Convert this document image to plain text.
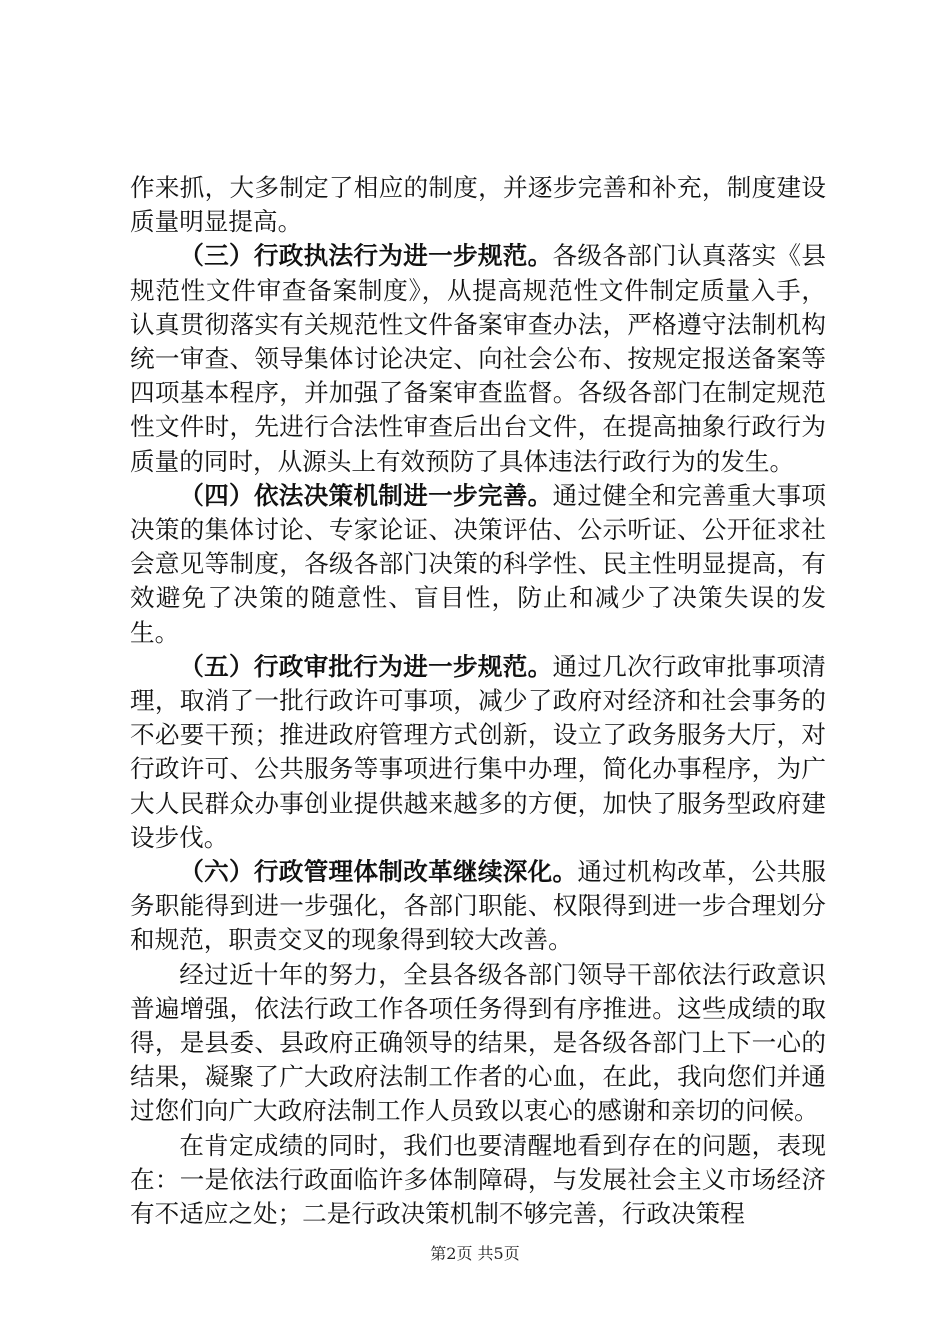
作来抓，大多制定了相应的制度，并逐步完善和补充，制度建设质量明显提高。

（三）行政执法行为进一步规范。各级各部门认真落实《县规范性文件审查备案制度》，从提高规范性文件制定质量入手，认真贯彻落实有关规范性文件备案审查办法，严格遵守法制机构统一审查、领导集体讨论决定、向社会公布、按规定报送备案等四项基本程序，并加强了备案审查监督。各级各部门在制定规范性文件时，先进行合法性审查后出台文件，在提高抽象行政行为质量的同时，从源头上有效预防了具体违法行政行为的发生。

（四）依法决策机制进一步完善。通过健全和完善重大事项决策的集体讨论、专家论证、决策评估、公示听证、公开征求社会意见等制度，各级各部门决策的科学性、民主性明显提高，有效避免了决策的随意性、盲目性，防止和减少了决策失误的发生。

（五）行政审批行为进一步规范。通过几次行政审批事项清理，取消了一批行政许可事项，减少了政府对经济和社会事务的不必要干预；推进政府管理方式创新，设立了政务服务大厅，对行政许可、公共服务等事项进行集中办理，简化办事程序，为广大人民群众办事创业提供越来越多的方便，加快了服务型政府建设步伐。

（六）行政管理体制改革继续深化。通过机构改革，公共服务职能得到进一步强化，各部门职能、权限得到进一步合理划分和规范，职责交叉的现象得到较大改善。

经过近十年的努力，全县各级各部门领导干部依法行政意识普遍增强，依法行政工作各项任务得到有序推进。这些成绩的取得，是县委、县政府正确领导的结果，是各级各部门上下一心的结果，凝聚了广大政府法制工作者的心血，在此，我向您们并通过您们向广大政府法制工作人员致以衷心的感谢和亲切的问候。

在肯定成绩的同时，我们也要清醒地看到存在的问题，表现在：一是依法行政面临许多体制障碍，与发展社会主义市场经济有不适应之处；二是行政决策机制不够完善，行政决策程

第2页 共5页
